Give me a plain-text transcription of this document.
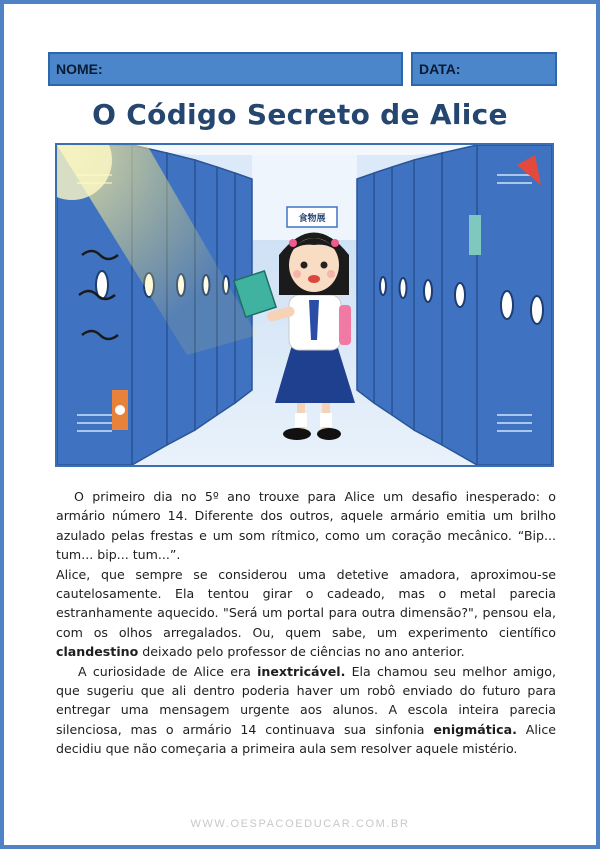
NOME:	DATA:
O Código Secreto de Alice
食物展

O primeiro dia no 5º ano trouxe para Alice um desafio inesperado: o armário número 14. Diferente dos outros, aquele armário emitia um brilho azulado pelas frestas e um som rítmico, como um coração mecânico. “Bip... tum... bip... tum...”.

Alice, que sempre se considerou uma detetive amadora, aproximou-se cautelosamente. Ela tentou girar o cadeado, mas o metal parecia estranhamente aquecido. "Será um portal para outra dimensão?", pensou ela, com os olhos arregalados. Ou, quem sabe, um experimento científico clandestino deixado pelo professor de ciências no ano anterior.

A curiosidade de Alice era inextricável. Ela chamou seu melhor amigo, que sugeriu que ali dentro poderia haver um robô enviado do futuro para entregar uma mensagem urgente aos alunos. A escola inteira parecia silenciosa, mas o armário 14 continuava sua sinfonia enigmática. Alice decidiu que não começaria a primeira aula sem resolver aquele mistério.

WWW.OESPACOEDUCAR.COM.BR
